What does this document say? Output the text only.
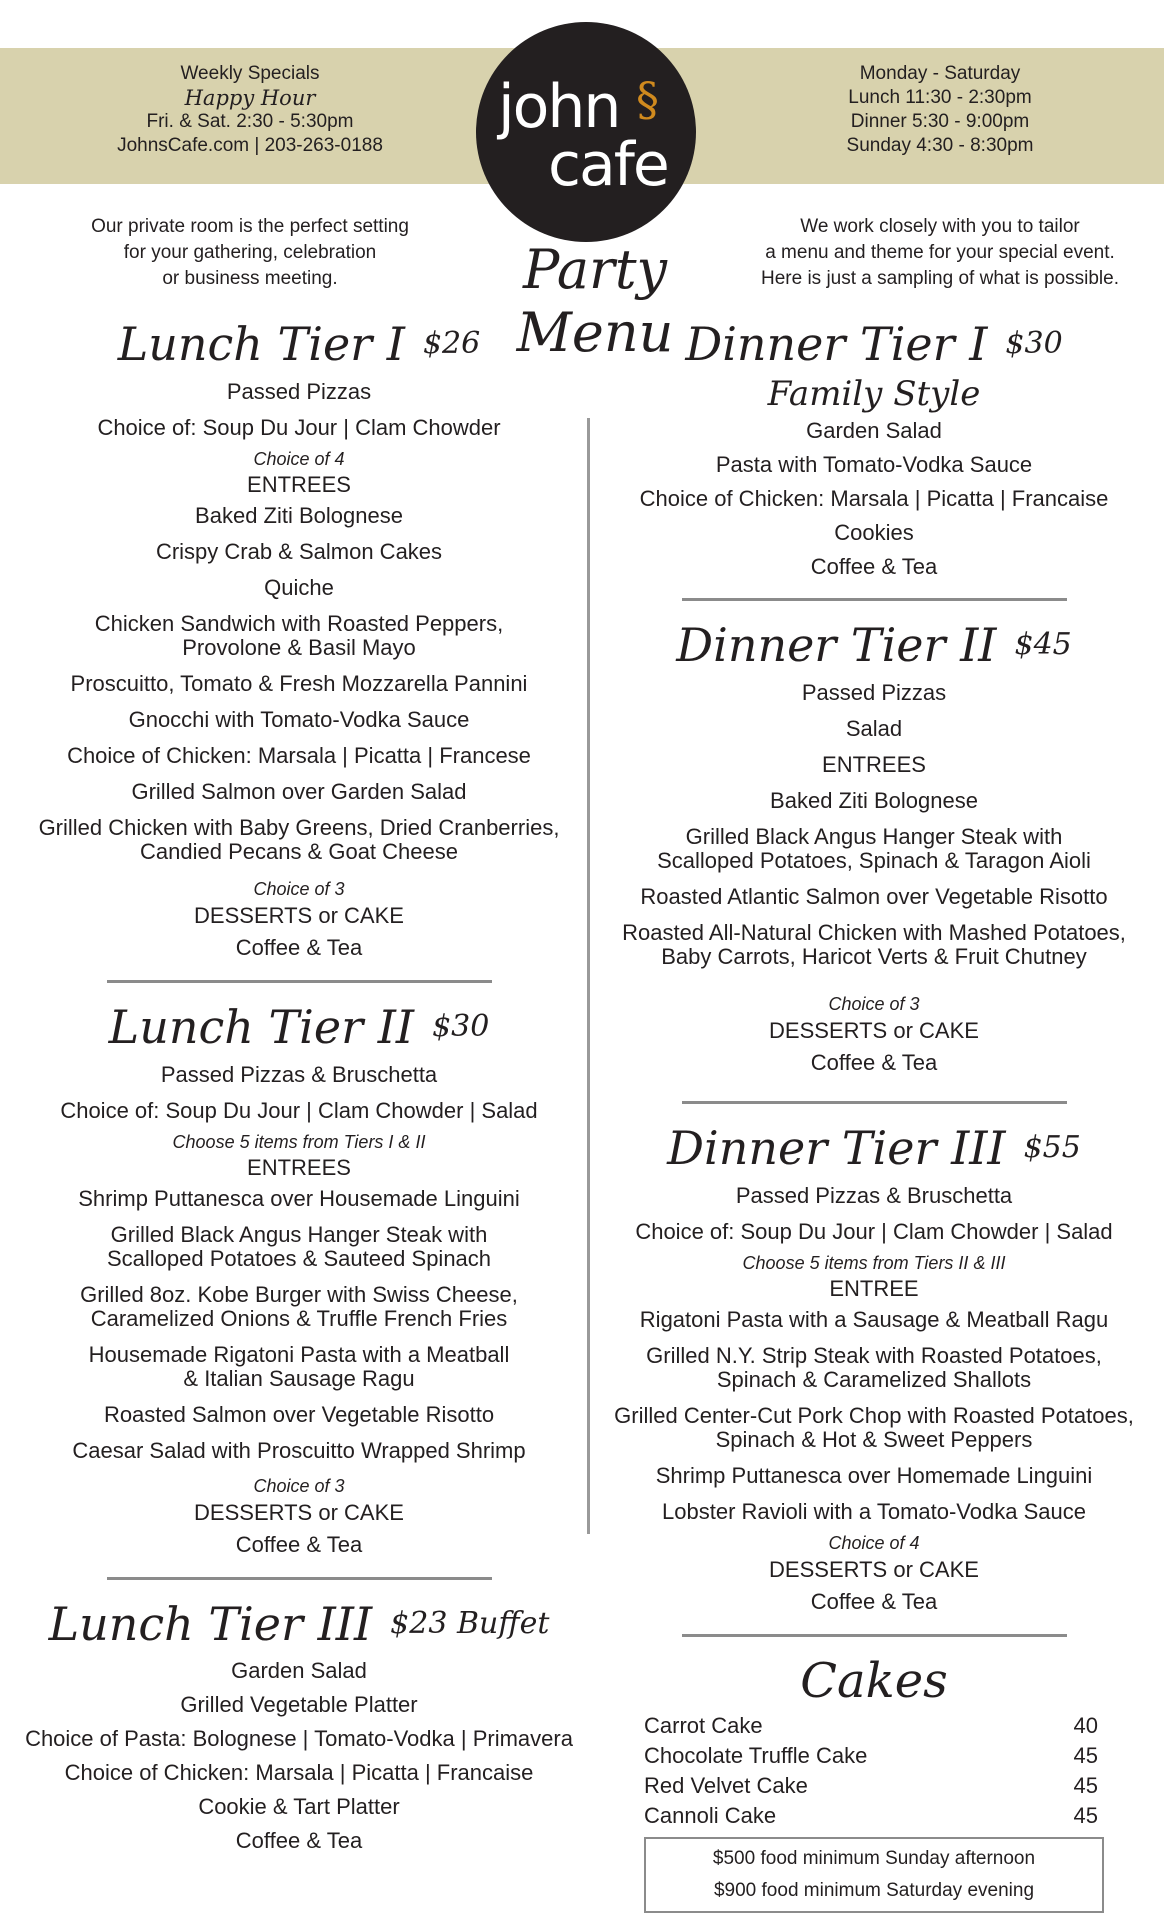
Weekly Specials
Happy Hour
Fri. & Sat. 2:30 - 5:30pm
JohnsCafe.com | 203-263-0188
Monday - Saturday
Lunch 11:30 - 2:30pm
Dinner 5:30 - 9:00pm
Sunday 4:30 - 8:30pm
john §
cafe
Our private room is the perfect setting
for your gathering, celebration
or business meeting.
We work closely with you to tailor
a menu and theme for your special event.
Here is just a sampling of what is possible.
Party Menu
Lunch Tier I $^{\$26}$
Passed Pizzas
Choice of: Soup Du Jour | Clam Chowder
Choice of 4
ENTREES
Baked Ziti Bolognese
Crispy Crab & Salmon Cakes
Quiche
Chicken Sandwich with Roasted Peppers,
Provolone & Basil Mayo
Proscuitto, Tomato & Fresh Mozzarella Pannini
Gnocchi with Tomato-Vodka Sauce
Choice of Chicken: Marsala | Picatta | Francese
Grilled Salmon over Garden Salad
Grilled Chicken with Baby Greens, Dried Cranberries,
Candied Pecans & Goat Cheese
Choice of 3
DESSERTS or CAKE
Coffee & Tea
Lunch Tier II $^{\$30}$
Passed Pizzas & Bruschetta
Choice of: Soup Du Jour | Clam Chowder | Salad
Choose 5 items from Tiers I & II
ENTREES
Shrimp Puttanesca over Housemade Linguini
Grilled Black Angus Hanger Steak with
Scalloped Potatoes & Sauteed Spinach
Grilled 8oz. Kobe Burger with Swiss Cheese,
Caramelized Onions & Truffle French Fries
Housemade Rigatoni Pasta with a Meatball
& Italian Sausage Ragu
Roasted Salmon over Vegetable Risotto
Caesar Salad with Proscuitto Wrapped Shrimp
Choice of 3
DESSERTS or CAKE
Coffee & Tea
Lunch Tier III $^{\$23 Buffet}$
Garden Salad
Grilled Vegetable Platter
Choice of Pasta: Bolognese | Tomato-Vodka | Primavera
Choice of Chicken: Marsala | Picatta | Francaise
Cookie & Tart Platter
Coffee & Tea
Dinner Tier I $^{\$30}$
Family Style
Garden Salad
Pasta with Tomato-Vodka Sauce
Choice of Chicken: Marsala | Picatta | Francaise
Cookies
Coffee & Tea
Dinner Tier II $^{\$45}$
Passed Pizzas
Salad
ENTREES
Baked Ziti Bolognese
Grilled Black Angus Hanger Steak with
Scalloped Potatoes, Spinach & Taragon Aioli
Roasted Atlantic Salmon over Vegetable Risotto
Roasted All-Natural Chicken with Mashed Potatoes,
Baby Carrots, Haricot Verts & Fruit Chutney
Choice of 3
DESSERTS or CAKE
Coffee & Tea
Dinner Tier III $^{\$55}$
Passed Pizzas & Bruschetta
Choice of: Soup Du Jour | Clam Chowder | Salad
Choose 5 items from Tiers II & III
ENTREE
Rigatoni Pasta with a Sausage & Meatball Ragu
Grilled N.Y. Strip Steak with Roasted Potatoes,
Spinach & Caramelized Shallots
Grilled Center-Cut Pork Chop with Roasted Potatoes,
Spinach & Hot & Sweet Peppers
Shrimp Puttanesca over Homemade Linguini
Lobster Ravioli with a Tomato-Vodka Sauce
Choice of 4
DESSERTS or CAKE
Coffee & Tea
Cakes
Carrot Cake	40
Chocolate Truffle Cake	45
Red Velvet Cake	45
Cannoli Cake	45
$500 food minimum Sunday afternoon
$900 food minimum Saturday evening
